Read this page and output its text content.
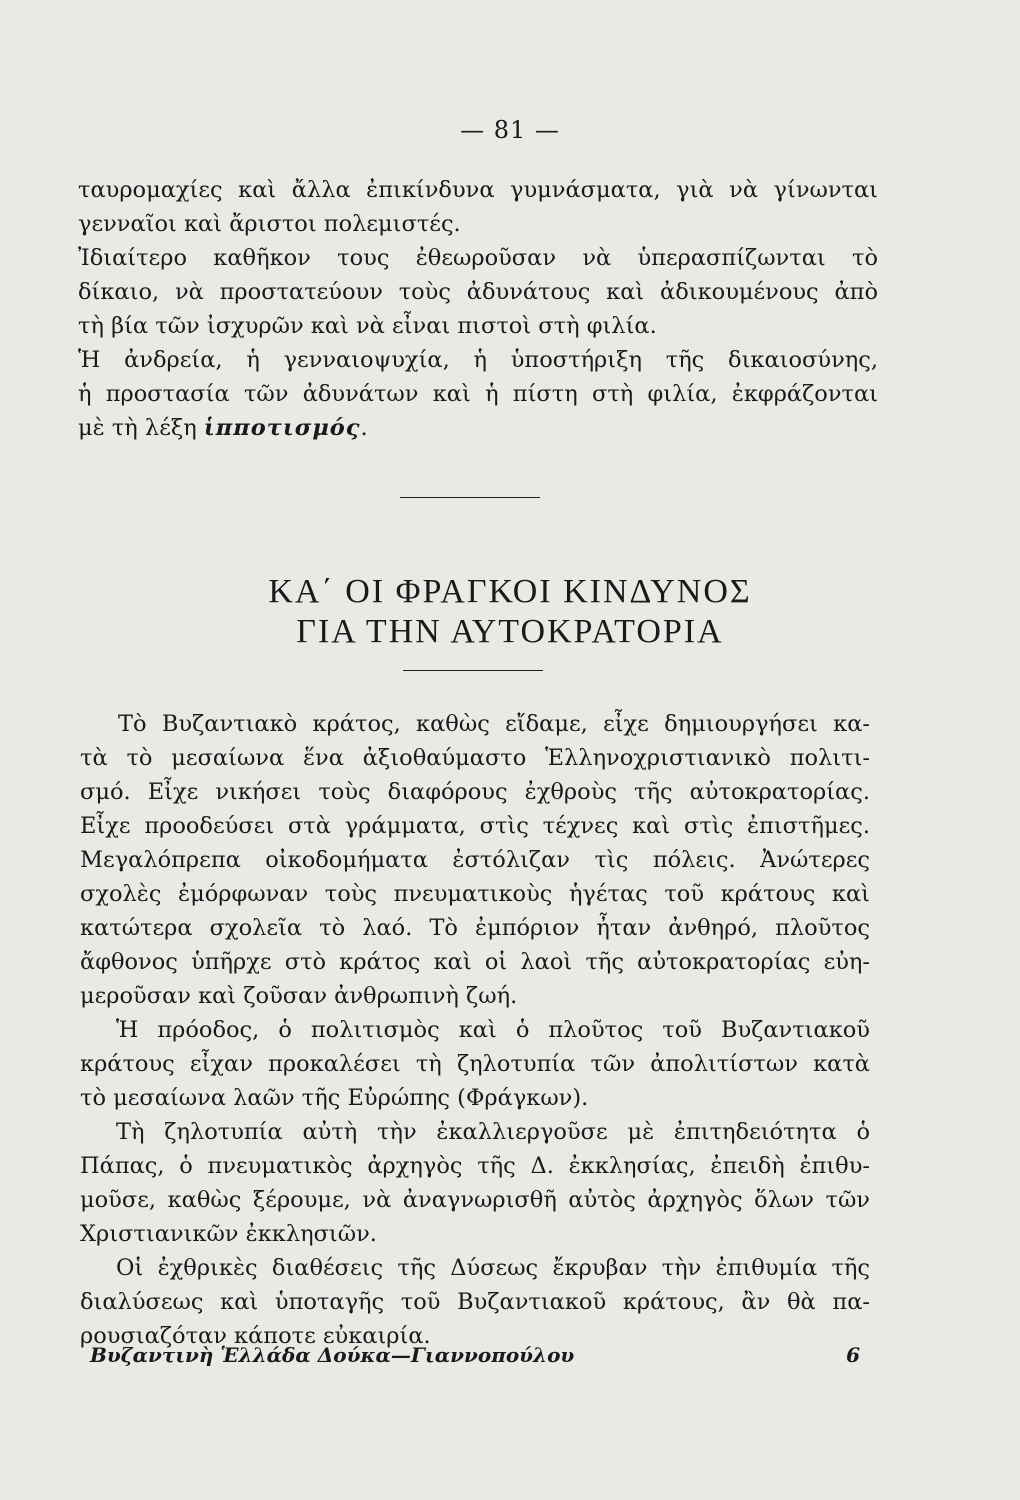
— 81 —
ταυρομαχίες καὶ ἄλλα ἐπικίνδυνα γυμνάσματα, γιὰ νὰ γίνωνται
γενναῖοι καὶ ἄριστοι πολεμιστές.
Ἰδιαίτερο καθῆκον τους ἐθεωροῦσαν νὰ ὑπερασπίζωνται τὸ
δίκαιο, νὰ προστατεύουν τοὺς ἀδυνάτους καὶ ἀδικουμένους ἀπὸ
τὴ βία τῶν ἰσχυρῶν καὶ νὰ εἶναι πιστοὶ στὴ φιλία.
Ἡ ἀνδρεία, ἡ γενναιοψυχία, ἡ ὑποστήριξη τῆς δικαιοσύνης,
ἡ προστασία τῶν ἀδυνάτων καὶ ἡ πίστη στὴ φιλία, ἐκφράζονται
μὲ τὴ λέξη ἱπποτισμός.
ΚΑ΄ ΟΙ ΦΡΑΓΚΟΙ ΚΙΝΔΥΝΟΣ
ΓΙΑ ΤΗΝ ΑΥΤΟΚΡΑΤΟΡΙΑ
Τὸ Βυζαντιακὸ κράτος, καθὼς εἴδαμε, εἶχε δημιουργήσει κα-
τὰ τὸ μεσαίωνα ἕνα ἀξιοθαύμαστο Ἑλληνοχριστιανικὸ πολιτι-
σμό. Εἶχε νικήσει τοὺς διαφόρους ἐχθροὺς τῆς αὐτοκρατορίας.
Εἶχε προοδεύσει στὰ γράμματα, στὶς τέχνες καὶ στὶς ἐπιστῆμες.
Μεγαλόπρεπα οἰκοδομήματα ἐστόλιζαν τὶς πόλεις. Ἀνώτερες
σχολὲς ἐμόρφωναν τοὺς πνευματικοὺς ἡγέτας τοῦ κράτους καὶ
κατώτερα σχολεῖα τὸ λαό. Τὸ ἐμπόριον ἦταν ἀνθηρό, πλοῦτος
ἄφθονος ὑπῆρχε στὸ κράτος καὶ οἱ λαοὶ τῆς αὐτοκρατορίας εὐη-
μεροῦσαν καὶ ζοῦσαν ἀνθρωπινὴ ζωή.
Ἡ πρόοδος, ὁ πολιτισμὸς καὶ ὁ πλοῦτος τοῦ Βυζαντιακοῦ
κράτους εἶχαν προκαλέσει τὴ ζηλοτυπία τῶν ἀπολιτίστων κατὰ
τὸ μεσαίωνα λαῶν τῆς Εὐρώπης (Φράγκων).
Τὴ ζηλοτυπία αὐτὴ τὴν ἐκαλλιεργοῦσε μὲ ἐπιτηδειότητα ὁ
Πάπας, ὁ πνευματικὸς ἀρχηγὸς τῆς Δ. ἐκκλησίας, ἐπειδὴ ἐπιθυ-
μοῦσε, καθὼς ξέρουμε, νὰ ἀναγνωρισθῆ αὐτὸς ἀρχηγὸς ὅλων τῶν
Χριστιανικῶν ἐκκλησιῶν.
Οἱ ἐχθρικὲς διαθέσεις τῆς Δύσεως ἔκρυβαν τὴν ἐπιθυμία τῆς
διαλύσεως καὶ ὑποταγῆς τοῦ Βυζαντιακοῦ κράτους, ἂν θὰ πα-
ρουσιαζόταν κάποτε εὐκαιρία.
Βυζαντινὴ Ἑλλάδα Δούκα—Γιαννοπούλου	6
